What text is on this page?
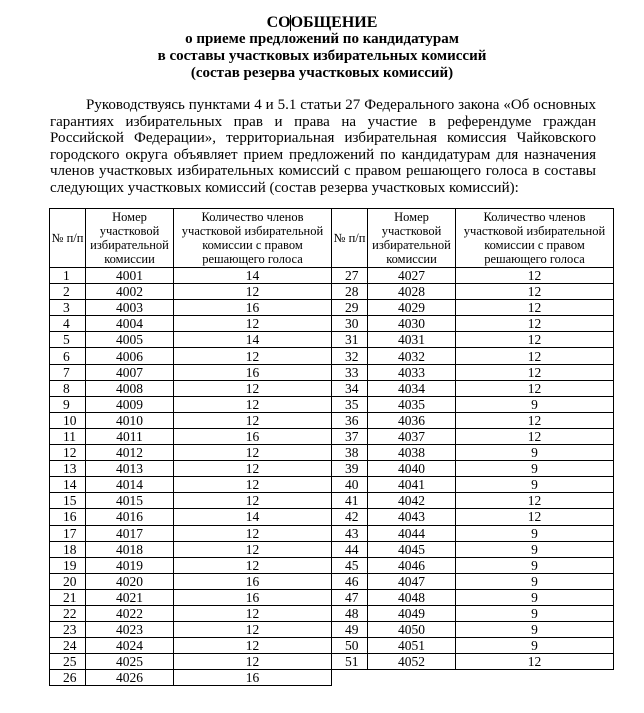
СООБЩЕНИЕ
о приеме предложений по кандидатурам
в составы участковых избирательных комиссий
(состав резерва участковых комиссий)
Руководствуясь пунктами 4 и 5.1 статьи 27 Федерального закона «Об основных гарантиях избирательных прав и права на участие в референдуме граждан Российской Федерации», территориальная избирательная комиссия Чайковского городского округа объявляет прием предложений по кандидатурам для назначения членов участковых избирательных комиссий с правом решающего голоса в составы следующих участковых комиссий (состав резерва участковых комиссий):
№ п/п	Номер участковой избирательной комиссии	Количество членов участковой избирательной комиссии с правом решающего голоса	№ п/п	Номер участковой избирательной комиссии	Количество членов участковой избирательной комиссии с правом решающего голоса
1	4001	14	27	4027	12
2	4002	12	28	4028	12
3	4003	16	29	4029	12
4	4004	12	30	4030	12
5	4005	14	31	4031	12
6	4006	12	32	4032	12
7	4007	16	33	4033	12
8	4008	12	34	4034	12
9	4009	12	35	4035	9
10	4010	12	36	4036	12
11	4011	16	37	4037	12
12	4012	12	38	4038	9
13	4013	12	39	4040	9
14	4014	12	40	4041	9
15	4015	12	41	4042	12
16	4016	14	42	4043	12
17	4017	12	43	4044	9
18	4018	12	44	4045	9
19	4019	12	45	4046	9
20	4020	16	46	4047	9
21	4021	16	47	4048	9
22	4022	12	48	4049	9
23	4023	12	49	4050	9
24	4024	12	50	4051	9
25	4025	12	51	4052	12
26	4026	16			
